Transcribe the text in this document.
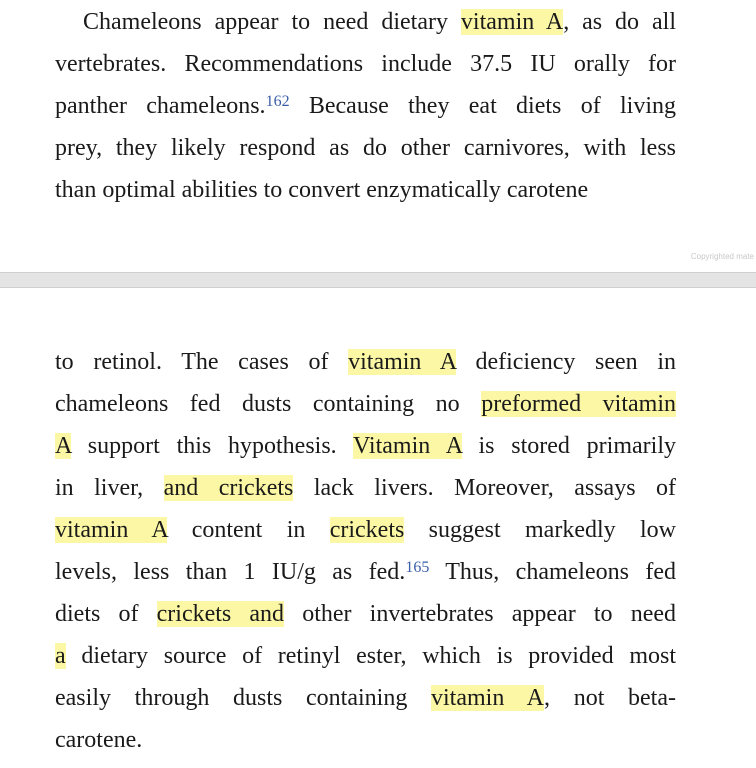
Chameleons appear to need dietary vitamin A, as do all
vertebrates. Recommendations include 37.5 IU orally for
panther chameleons.$^{162}$ Because they eat diets of living
prey, they likely respond as do other carnivores, with less
than optimal abilities to convert enzymatically carotene

Copyrighted mate

to retinol. The cases of vitamin A deficiency seen in
chameleons fed dusts containing no preformed vitamin
A support this hypothesis. Vitamin A is stored primarily
in liver, and crickets lack livers. Moreover, assays of
vitamin A content in crickets suggest markedly low
levels, less than 1 IU/g as fed.$^{165}$ Thus, chameleons fed
diets of crickets and other invertebrates appear to need
a dietary source of retinyl ester, which is provided most
easily through dusts containing vitamin A, not beta-
carotene.
